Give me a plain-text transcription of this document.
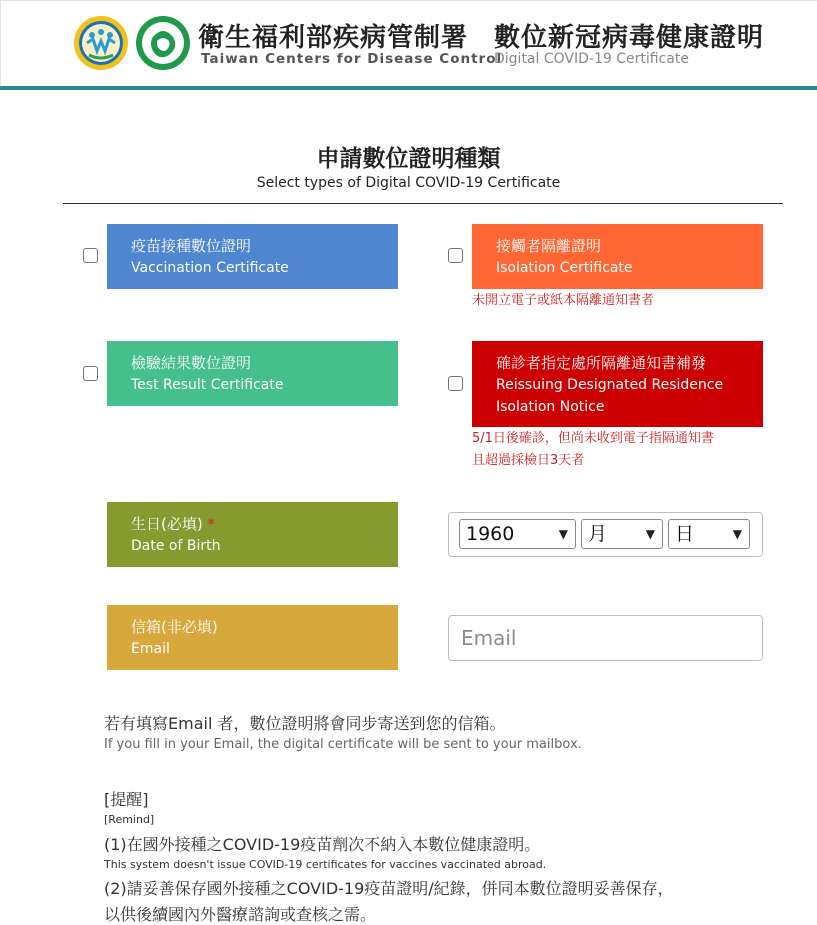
衛生福利部疾病管制署
Taiwan Centers for Disease Control
數位新冠病毒健康證明
Digital COVID-19 Certificate
申請數位證明種類
Select types of Digital COVID-19 Certificate
疫苗接種數位證明
Vaccination Certificate
接觸者隔離證明
Isolation Certificate
未開立電子或紙本隔離通知書者
檢驗結果數位證明
Test Result Certificate
確診者指定處所隔離通知書補發
Reissuing Designated Residence
Isolation Notice
5/1日後確診，但尚未收到電子指隔通知書
且超過採檢日3天者
生日(必填) *
Date of Birth
1960	▼	月	▼	日	▼
信箱(非必填)
Email
Email
若有填寫Email 者，數位證明將會同步寄送到您的信箱。
If you fill in your Email, the digital certificate will be sent to your mailbox.
[提醒]
[Remind]
(1)在國外接種之COVID-19疫苗劑次不納入本數位健康證明。
This system doesn't issue COVID-19 certificates for vaccines vaccinated abroad.
(2)請妥善保存國外接種之COVID-19疫苗證明/紀錄，併同本數位證明妥善保存，
以供後續國內外醫療諮詢或查核之需。
